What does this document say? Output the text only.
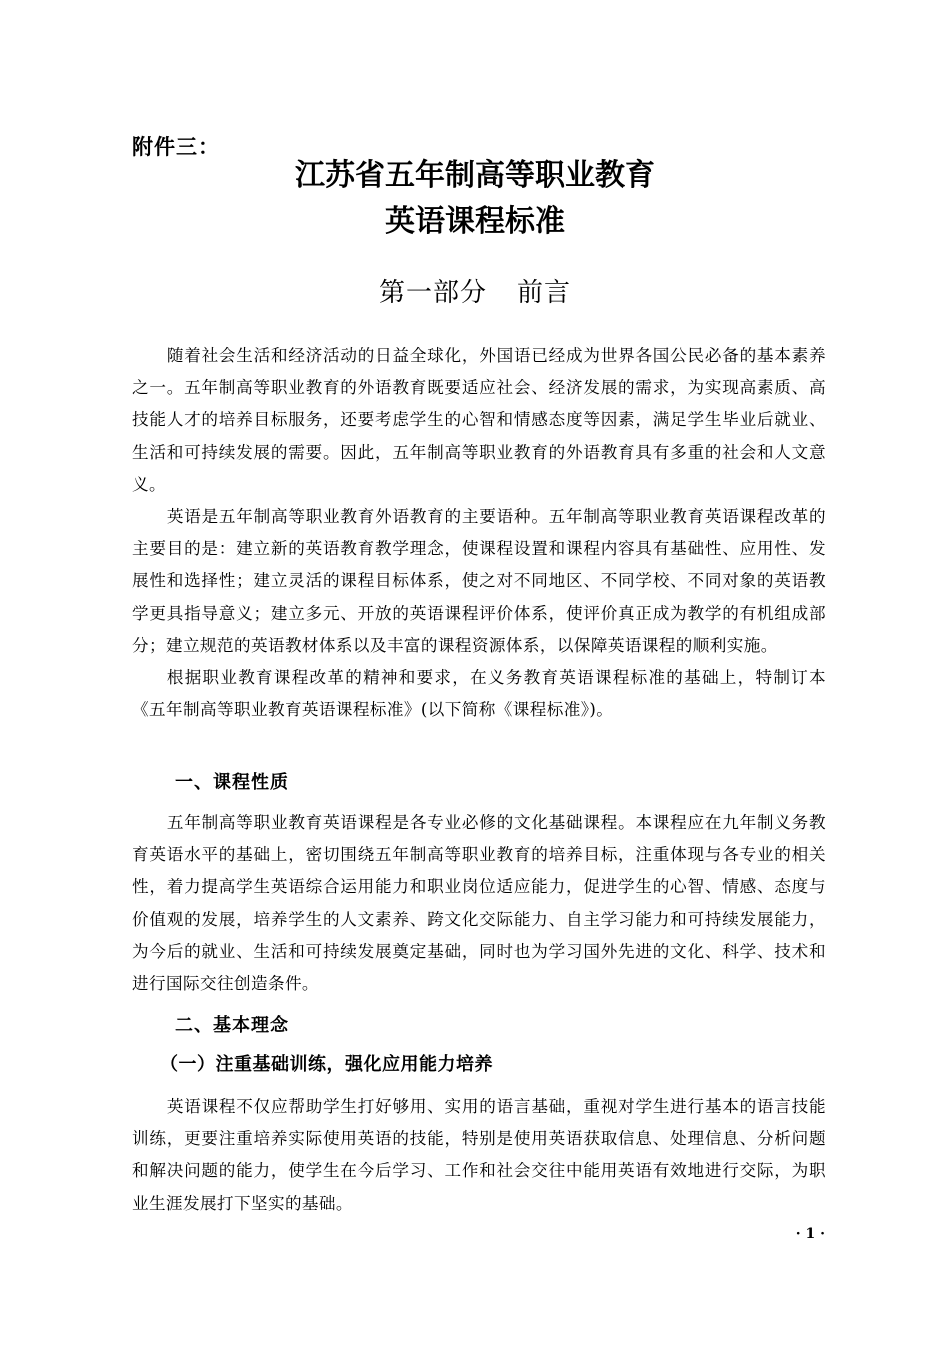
附件三：
江苏省五年制高等职业教育
英语课程标准
第一部分 前言

随着社会生活和经济活动的日益全球化，外国语已经成为世界各国公民必备的基本素养之一。五年制高等职业教育的外语教育既要适应社会、经济发展的需求，为实现高素质、高技能人才的培养目标服务，还要考虑学生的心智和情感态度等因素，满足学生毕业后就业、生活和可持续发展的需要。因此，五年制高等职业教育的外语教育具有多重的社会和人文意义。

英语是五年制高等职业教育外语教育的主要语种。五年制高等职业教育英语课程改革的主要目的是：建立新的英语教育教学理念，使课程设置和课程内容具有基础性、应用性、发展性和选择性；建立灵活的课程目标体系，使之对不同地区、不同学校、不同对象的英语教学更具指导意义；建立多元、开放的英语课程评价体系，使评价真正成为教学的有机组成部分；建立规范的英语教材体系以及丰富的课程资源体系，以保障英语课程的顺利实施。

根据职业教育课程改革的精神和要求，在义务教育英语课程标准的基础上，特制订本《五年制高等职业教育英语课程标准》(以下简称《课程标准》)。

一、课程性质

五年制高等职业教育英语课程是各专业必修的文化基础课程。本课程应在九年制义务教育英语水平的基础上，密切围绕五年制高等职业教育的培养目标，注重体现与各专业的相关性，着力提高学生英语综合运用能力和职业岗位适应能力，促进学生的心智、情感、态度与价值观的发展，培养学生的人文素养、跨文化交际能力、自主学习能力和可持续发展能力，为今后的就业、生活和可持续发展奠定基础，同时也为学习国外先进的文化、科学、技术和进行国际交往创造条件。

二、基本理念
（一）注重基础训练，强化应用能力培养

英语课程不仅应帮助学生打好够用、实用的语言基础，重视对学生进行基本的语言技能训练，更要注重培养实际使用英语的技能，特别是使用英语获取信息、处理信息、分析问题和解决问题的能力，使学生在今后学习、工作和社会交往中能用英语有效地进行交际，为职业生涯发展打下坚实的基础。

· 1 ·
